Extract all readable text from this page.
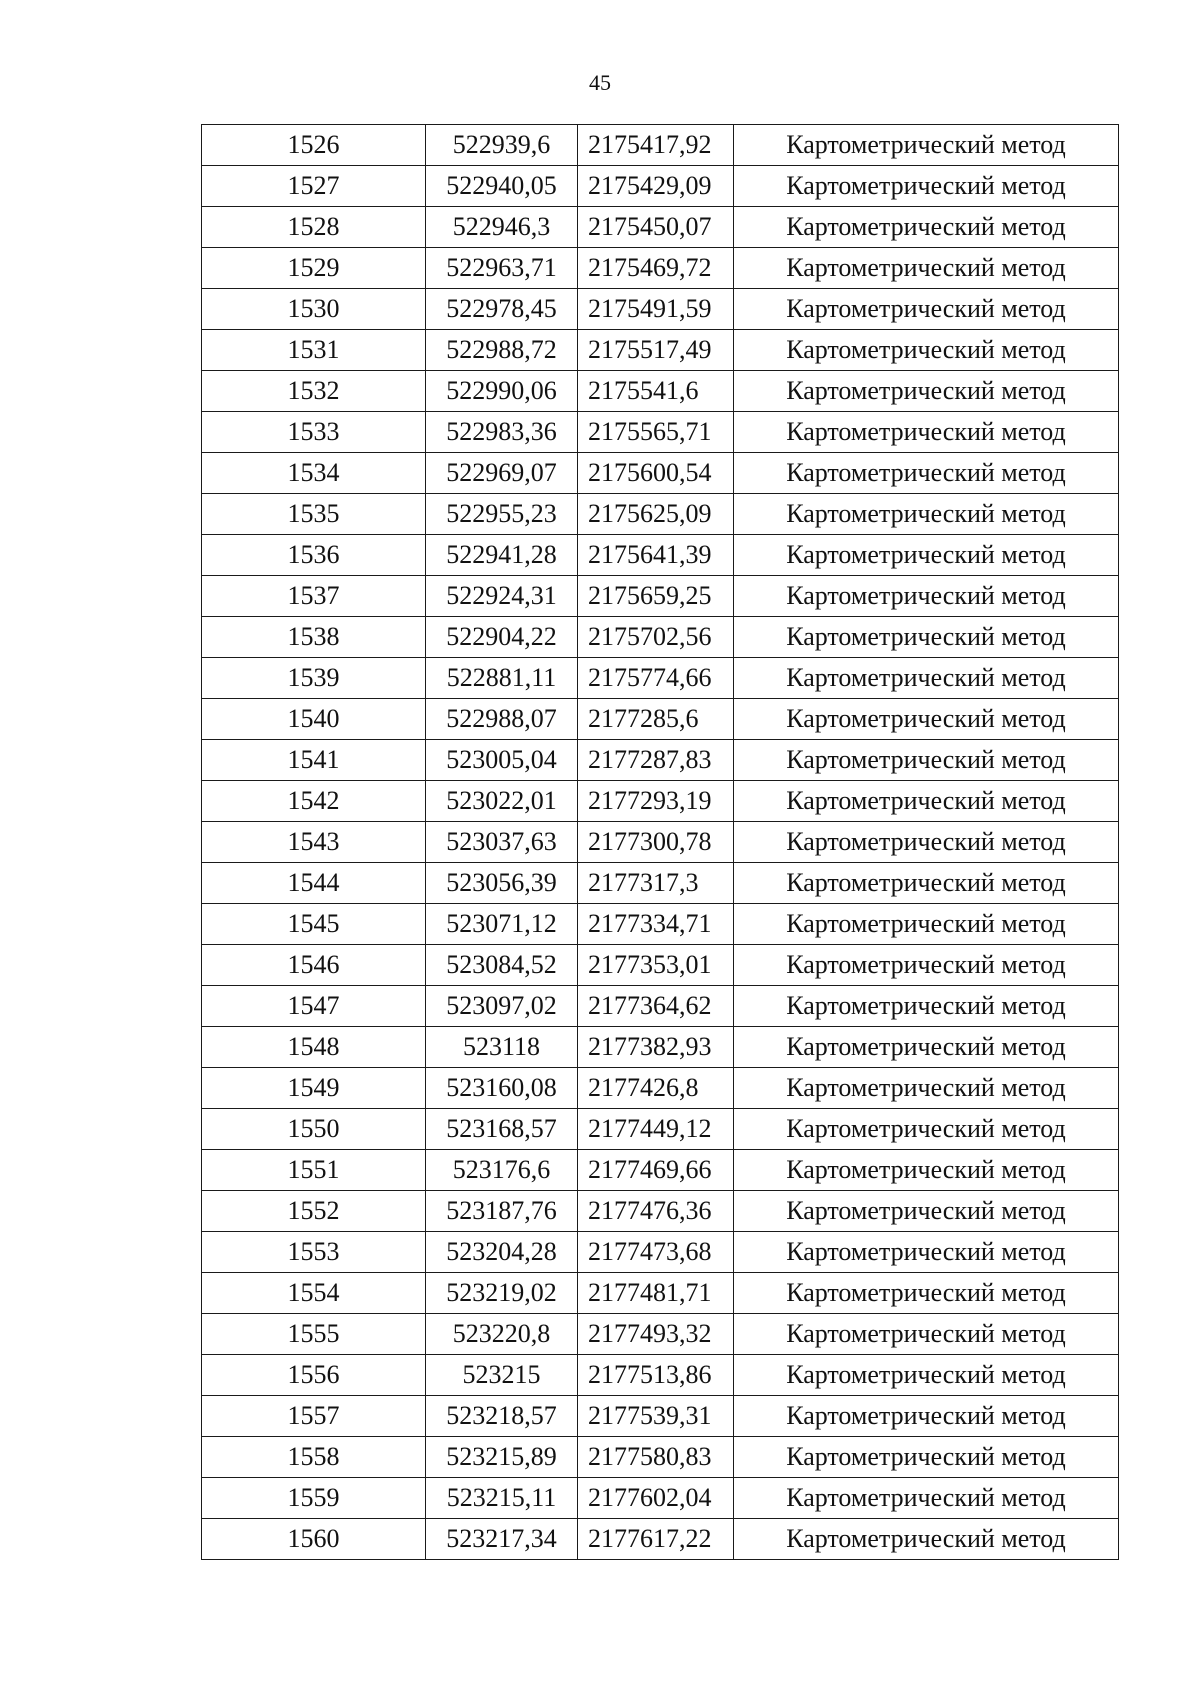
45
1526	522939,6	2175417,92	Картометрический метод
1527	522940,05	2175429,09	Картометрический метод
1528	522946,3	2175450,07	Картометрический метод
1529	522963,71	2175469,72	Картометрический метод
1530	522978,45	2175491,59	Картометрический метод
1531	522988,72	2175517,49	Картометрический метод
1532	522990,06	2175541,6	Картометрический метод
1533	522983,36	2175565,71	Картометрический метод
1534	522969,07	2175600,54	Картометрический метод
1535	522955,23	2175625,09	Картометрический метод
1536	522941,28	2175641,39	Картометрический метод
1537	522924,31	2175659,25	Картометрический метод
1538	522904,22	2175702,56	Картометрический метод
1539	522881,11	2175774,66	Картометрический метод
1540	522988,07	2177285,6	Картометрический метод
1541	523005,04	2177287,83	Картометрический метод
1542	523022,01	2177293,19	Картометрический метод
1543	523037,63	2177300,78	Картометрический метод
1544	523056,39	2177317,3	Картометрический метод
1545	523071,12	2177334,71	Картометрический метод
1546	523084,52	2177353,01	Картометрический метод
1547	523097,02	2177364,62	Картометрический метод
1548	523118	2177382,93	Картометрический метод
1549	523160,08	2177426,8	Картометрический метод
1550	523168,57	2177449,12	Картометрический метод
1551	523176,6	2177469,66	Картометрический метод
1552	523187,76	2177476,36	Картометрический метод
1553	523204,28	2177473,68	Картометрический метод
1554	523219,02	2177481,71	Картометрический метод
1555	523220,8	2177493,32	Картометрический метод
1556	523215	2177513,86	Картометрический метод
1557	523218,57	2177539,31	Картометрический метод
1558	523215,89	2177580,83	Картометрический метод
1559	523215,11	2177602,04	Картометрический метод
1560	523217,34	2177617,22	Картометрический метод
